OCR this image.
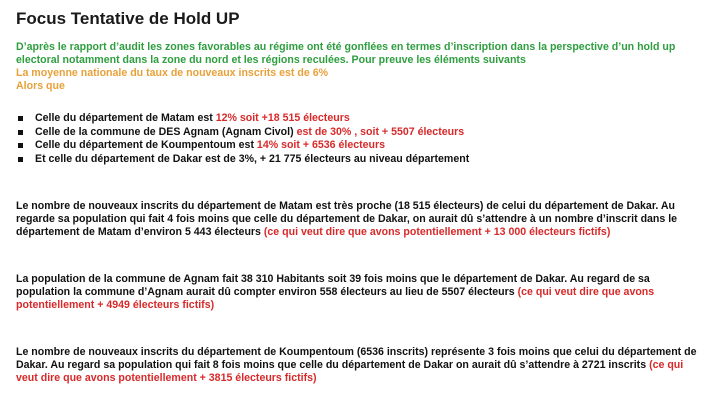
Focus Tentative de Hold UP
D’après le rapport d’audit les zones favorables au régime ont été gonflées en termes d’inscription dans la perspective d’un hold up electoral notamment dans la zone du nord et les régions reculées. Pour preuve les éléments suivants
La moyenne nationale du taux de nouveaux inscrits est de 6%
Alors que
Celle du département de Matam est 12% soit +18 515 électeurs
Celle de la commune de DES Agnam (Agnam Civol) est de 30% , soit + 5507 électeurs
Celle du département de Koumpentoum est 14% soit + 6536 électeurs
Et celle du département de Dakar est de 3%, + 21 775 électeurs au niveau département
Le nombre de nouveaux inscrits du département de Matam est très proche (18 515 électeurs) de celui du département de Dakar. Au regarde sa population qui fait 4 fois moins que celle du département de Dakar, on aurait dû s’attendre à un nombre d’inscrit dans le département de Matam d’environ 5 443 électeurs (ce qui veut dire que avons potentiellement + 13 000 électeurs fictifs)
La population de la commune de Agnam fait 38 310 Habitants soit 39 fois moins que le département de Dakar. Au regard de sa population la commune d’Agnam aurait dû compter environ 558 électeurs au lieu de 5507 électeurs (ce qui veut dire que avons potentiellement + 4949 électeurs fictifs)
Le nombre de nouveaux inscrits du département de Koumpentoum (6536 inscrits) représente 3 fois moins que celui du département de Dakar. Au regard sa population qui fait 8 fois moins que celle du département de Dakar on aurait dû s’attendre à 2721 inscrits (ce qui veut dire que avons potentiellement + 3815 électeurs fictifs)
